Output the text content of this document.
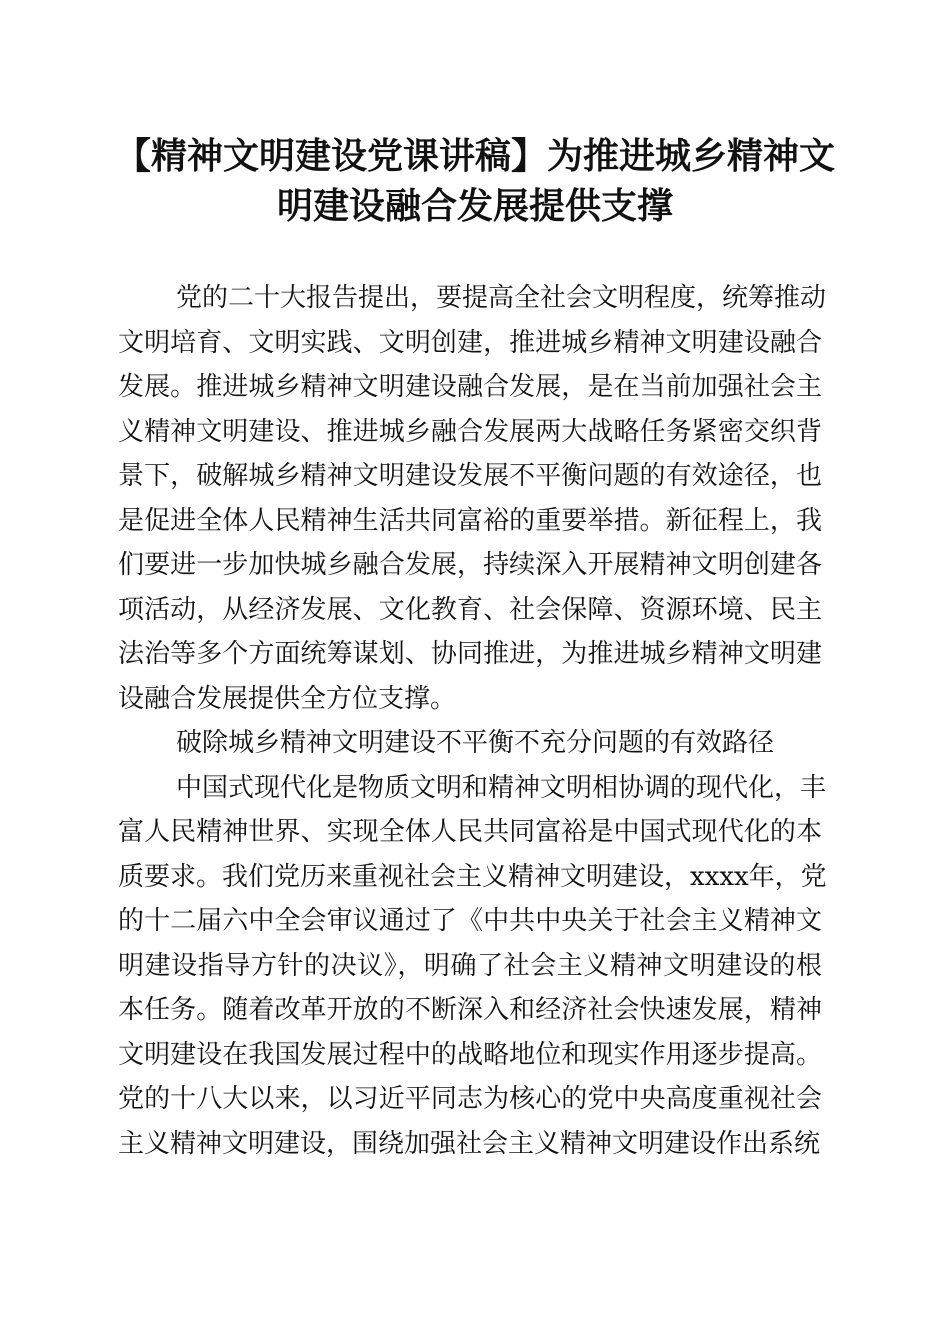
【精神文明建设党课讲稿】为推进城乡精神文
明建设融合发展提供支撑
党的二十大报告提出，要提高全社会文明程度，统筹推动
文明培育、文明实践、文明创建，推进城乡精神文明建设融合
发展。推进城乡精神文明建设融合发展，是在当前加强社会主
义精神文明建设、推进城乡融合发展两大战略任务紧密交织背
景下，破解城乡精神文明建设发展不平衡问题的有效途径，也
是促进全体人民精神生活共同富裕的重要举措。新征程上，我
们要进一步加快城乡融合发展，持续深入开展精神文明创建各
项活动，从经济发展、文化教育、社会保障、资源环境、民主
法治等多个方面统筹谋划、协同推进，为推进城乡精神文明建
设融合发展提供全方位支撑。
破除城乡精神文明建设不平衡不充分问题的有效路径
中国式现代化是物质文明和精神文明相协调的现代化，丰
富人民精神世界、实现全体人民共同富裕是中国式现代化的本
质要求。我们党历来重视社会主义精神文明建设，xxxx年，党
的十二届六中全会审议通过了《中共中央关于社会主义精神文
明建设指导方针的决议》，明确了社会主义精神文明建设的根
本任务。随着改革开放的不断深入和经济社会快速发展，精神
文明建设在我国发展过程中的战略地位和现实作用逐步提高。
党的十八大以来，以习近平同志为核心的党中央高度重视社会
主义精神文明建设，围绕加强社会主义精神文明建设作出系统
